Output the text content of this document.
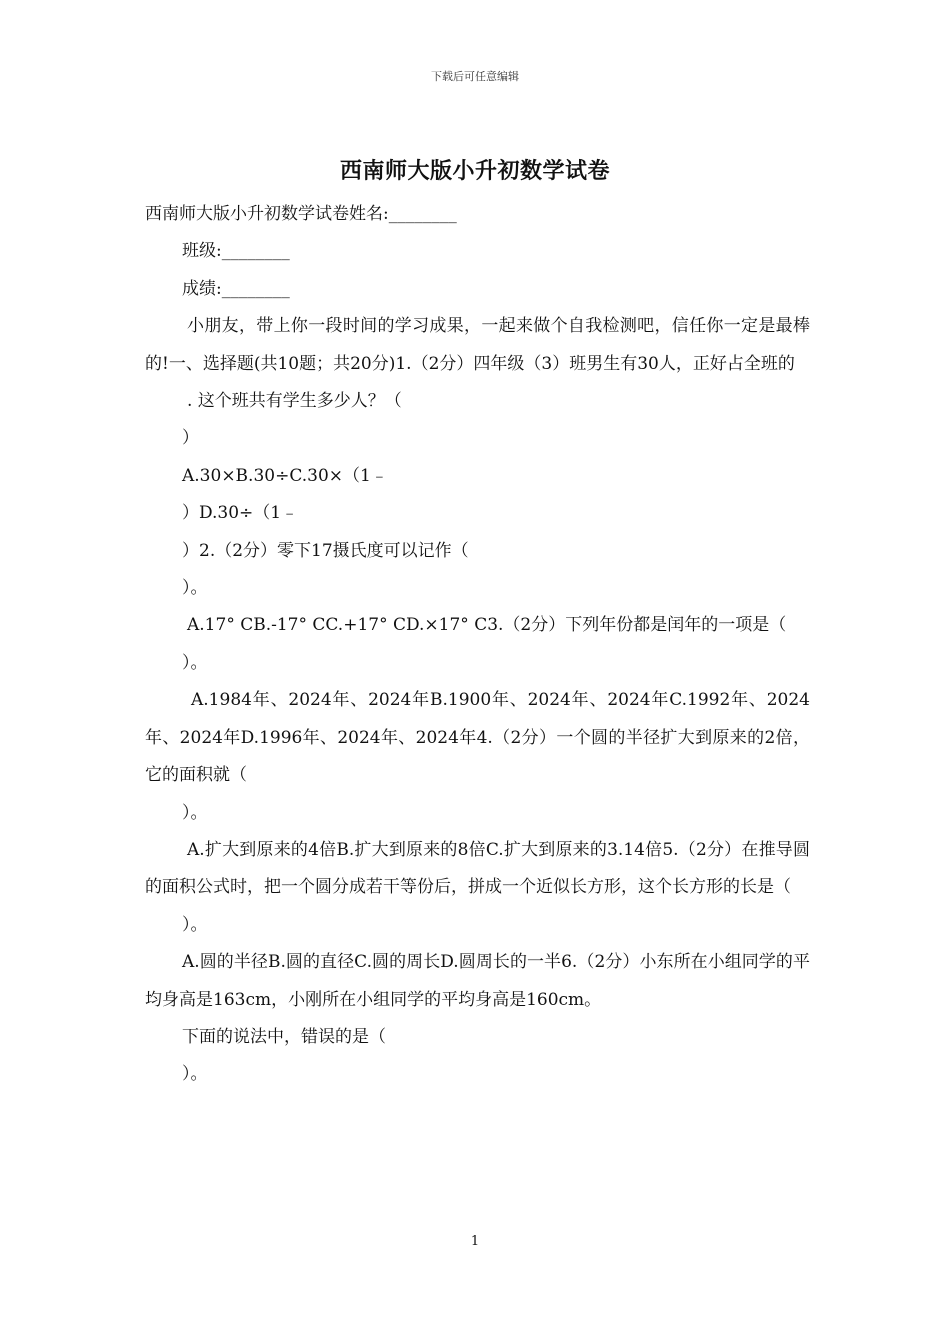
下载后可任意编辑
西南师大版小升初数学试卷
西南师大版小升初数学试卷姓名:________
班级:________
成绩:________
小朋友，带上你一段时间的学习成果，一起来做个自我检测吧，信任你一定是最棒的!一、选择题(共10题；共20分)1.（2分）四年级（3）班男生有30人，正好占全班的
. 这个班共有学生多少人？（
）
A.30×B.30÷C.30×（1﹣
）D.30÷（1﹣
）2.（2分）零下17摄氏度可以记作（
）。
A.17° CB.-17° CC.+17° CD.×17° C3.（2分）下列年份都是闰年的一项是（
）。
A.1984年、2024年、2024年B.1900年、2024年、2024年C.1992年、2024年、2024年D.1996年、2024年、2024年4.（2分）一个圆的半径扩大到原来的2倍，它的面积就（
）。
A.扩大到原来的4倍B.扩大到原来的8倍C.扩大到原来的3.14倍5.（2分）在推导圆的面积公式时，把一个圆分成若干等份后，拼成一个近似长方形，这个长方形的长是（
）。
A.圆的半径B.圆的直径C.圆的周长D.圆周长的一半6.（2分）小东所在小组同学的平均身高是163cm，小刚所在小组同学的平均身高是160cm。
下面的说法中，错误的是（
）。
1
